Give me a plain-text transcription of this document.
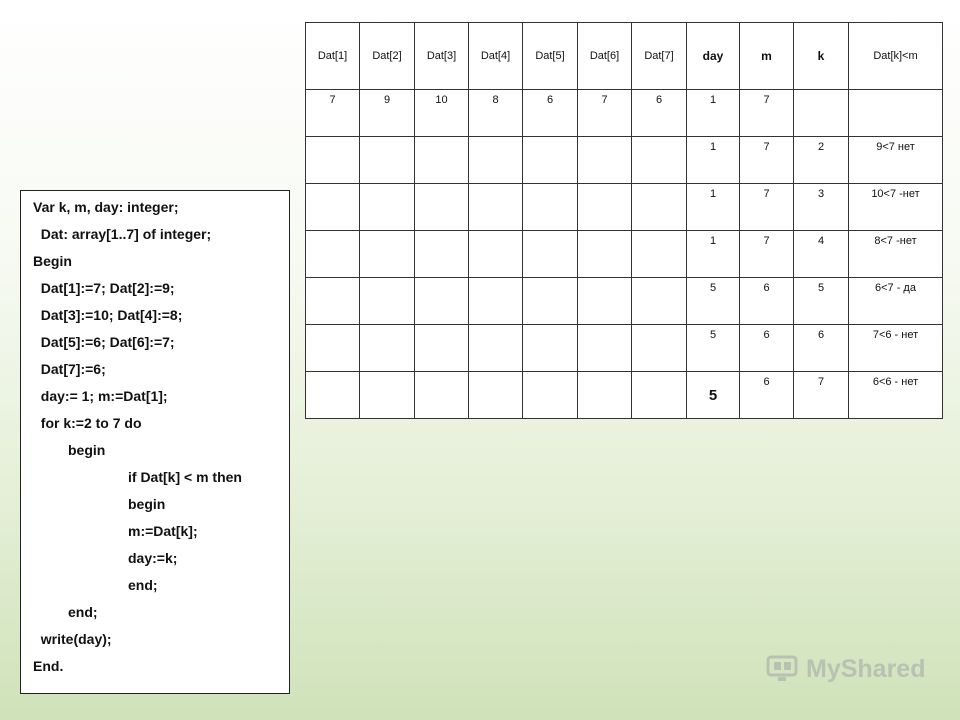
Var k, m, day: integer;
Dat: array[1..7] of integer;
Begin
Dat[1]:=7; Dat[2]:=9;
Dat[3]:=10; Dat[4]:=8;
Dat[5]:=6; Dat[6]:=7;
Dat[7]:=6;
day:= 1; m:=Dat[1];
for k:=2 to 7 do
begin
if Dat[k] < m then
begin
m:=Dat[k];
day:=k;
end;
end;
write(day);
End.
Dat[1]	Dat[2]	Dat[3]	Dat[4]	Dat[5]	Dat[6]	Dat[7]	day	m	k	Dat[k]<m
7	9	10	8	6	7	6	1	7		
							1	7	2	9<7 нет
							1	7	3	10<7 -нет
							1	7	4	8<7 -нет
							5	6	5	6<7 - да
							5	6	6	7<6 - нет
							5	6	7	6<6 - нет
MyShared
